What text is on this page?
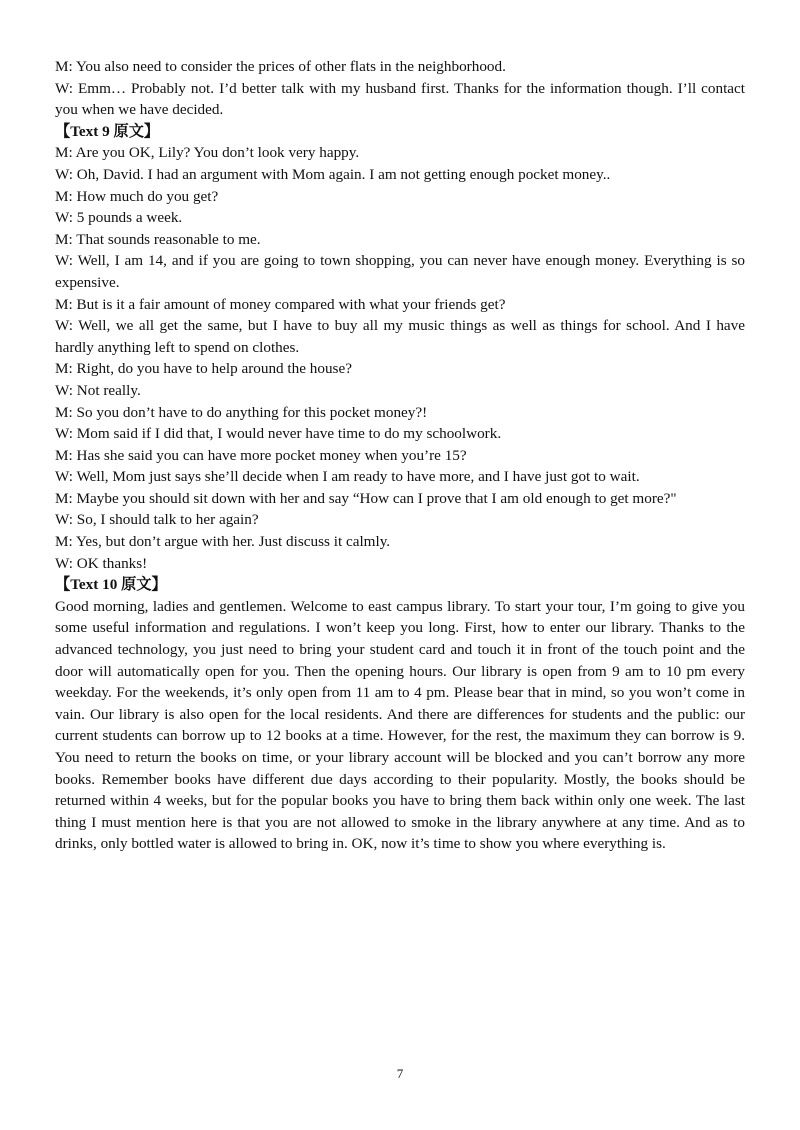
M: You also need to consider the prices of other flats in the neighborhood.
W: Emm… Probably not. I’d better talk with my husband first. Thanks for the information though. I’ll contact you when we have decided.
【Text 9 原文】
M: Are you OK, Lily? You don’t look very happy.
W: Oh, David. I had an argument with Mom again. I am not getting enough pocket money..
M: How much do you get?
W: 5 pounds a week.
M: That sounds reasonable to me.
W: Well, I am 14, and if you are going to town shopping, you can never have enough money. Everything is so expensive.
M: But is it a fair amount of money compared with what your friends get?
W: Well, we all get the same, but I have to buy all my music things as well as things for school. And I have hardly anything left to spend on clothes.
M: Right, do you have to help around the house?
W: Not really.
M: So you don’t have to do anything for this pocket money?!
W: Mom said if I did that, I would never have time to do my schoolwork.
M: Has she said you can have more pocket money when you’re 15?
W: Well, Mom just says she’ll decide when I am ready to have more, and I have just got to wait.
M: Maybe you should sit down with her and say “How can I prove that I am old enough to get more?"
W: So, I should talk to her again?
M: Yes, but don’t argue with her. Just discuss it calmly.
W: OK thanks!
【Text 10 原文】
Good morning, ladies and gentlemen. Welcome to east campus library. To start your tour, I’m going to give you some useful information and regulations. I won’t keep you long. First, how to enter our library. Thanks to the advanced technology, you just need to bring your student card and touch it in front of the touch point and the door will automatically open for you. Then the opening hours. Our library is open from 9 am to 10 pm every weekday. For the weekends, it’s only open from 11 am to 4 pm. Please bear that in mind, so you won’t come in vain. Our library is also open for the local residents. And there are differences for students and the public: our current students can borrow up to 12 books at a time. However, for the rest, the maximum they can borrow is 9. You need to return the books on time, or your library account will be blocked and you can’t borrow any more books. Remember books have different due days according to their popularity. Mostly, the books should be returned within 4 weeks, but for the popular books you have to bring them back within only one week. The last thing I must mention here is that you are not allowed to smoke in the library anywhere at any time. And as to drinks, only bottled water is allowed to bring in. OK, now it’s time to show you where everything is.
7
